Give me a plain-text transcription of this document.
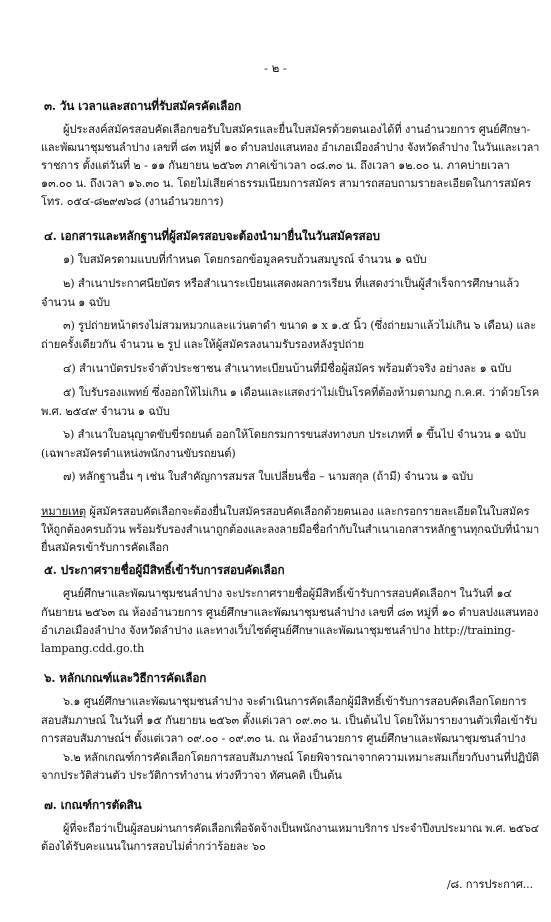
- ๒ -
๓. วัน เวลาและสถานที่รับสมัครคัดเลือก
ผู้ประสงค์สมัครสอบคัดเลือกขอรับใบสมัครและยื่นใบสมัครด้วยตนเองได้ที่ งานอำนวยการ ศูนย์ศึกษา-
และพัฒนาชุมชนลำปาง เลขที่ ๘๓ หมู่ที่ ๑๐ ตำบลปงแสนทอง อำเภอเมืองลำปาง จังหวัดลำปาง ในวันและเวลา
ราชการ ตั้งแต่วันที่ ๒ - ๑๑ กันยายน ๒๕๖๓ ภาคเข้าเวลา ๐๘.๓๐ น. ถึงเวลา ๑๒.๐๐ น. ภาคบ่ายเวลา
๑๓.๐๐ น. ถึงเวลา ๑๖.๓๐ น. โดยไม่เสียค่าธรรมเนียมการสมัคร สามารถสอบถามรายละเอียดในการสมัคร
โทร. ๐๕๔-๘๒๙๗๖๘ (งานอำนวยการ)
๔. เอกสารและหลักฐานที่ผู้สมัครสอบจะต้องนำมายื่นในวันสมัครสอบ
๑) ใบสมัครตามแบบที่กำหนด โดยกรอกข้อมูลครบถ้วนสมบูรณ์ จำนวน ๑ ฉบับ
๒) สำเนาประกาศนียบัตร หรือสำเนาระเบียนแสดงผลการเรียน ที่แสดงว่าเป็นผู้สำเร็จการศึกษาแล้ว
จำนวน ๑ ฉบับ
๓) รูปถ่ายหน้าตรงไม่สวมหมวกและแว่นตาดำ ขนาด ๑ x ๑.๕ นิ้ว (ซึ่งถ่ายมาแล้วไม่เกิน ๖ เดือน) และ
ถ่ายครั้งเดียวกัน จำนวน ๒ รูป และให้ผู้สมัครลงนามรับรองหลังรูปถ่าย
๔) สำเนาบัตรประจำตัวประชาชน สำเนาทะเบียนบ้านที่มีชื่อผู้สมัคร พร้อมตัวจริง อย่างละ ๑ ฉบับ
๕) ใบรับรองแพทย์ ซึ่งออกให้ไม่เกิน ๑ เดือนและแสดงว่าไม่เป็นโรคที่ต้องห้ามตามกฎ ก.ค.ศ. ว่าด้วยโรค
พ.ศ. ๒๕๔๙ จำนวน ๑ ฉบับ
๖) สำเนาใบอนุญาตขับขี่รถยนต์ ออกให้โดยกรมการขนส่งทางบก ประเภทที่ ๑ ขึ้นไป จำนวน ๑ ฉบับ
(เฉพาะสมัครตำแหน่งพนักงานขับรถยนต์)
๗) หลักฐานอื่น ๆ เช่น ใบสำคัญการสมรส ใบเปลี่ยนชื่อ – นามสกุล (ถ้ามี) จำนวน ๑ ฉบับ
หมายเหตุ ผู้สมัครสอบคัดเลือกจะต้องยื่นใบสมัครสอบคัดเลือกด้วยตนเอง และกรอกรายละเอียดในใบสมัคร
ให้ถูกต้องครบถ้วน พร้อมรับรองสำเนาถูกต้องและลงลายมือชื่อกำกับในสำเนาเอกสารหลักฐานทุกฉบับที่นำมา
ยื่นสมัครเข้ารับการคัดเลือก
๕. ประกาศรายชื่อผู้มีสิทธิ์เข้ารับการสอบคัดเลือก
ศูนย์ศึกษาและพัฒนาชุมชนลำปาง จะประกาศรายชื่อผู้มีสิทธิ์เข้ารับการสอบคัดเลือกฯ ในวันที่ ๑๔
กันยายน ๒๕๖๓ ณ ห้องอำนวยการ ศูนย์ศึกษาและพัฒนาชุมชนลำปาง เลขที่ ๘๓ หมู่ที่ ๑๐ ตำบลปงแสนทอง
อำเภอเมืองลำปาง จังหวัดลำปาง และทางเว็บไซต์ศูนย์ศึกษาและพัฒนาชุมชนลำปาง http://training-
lampang.cdd.go.th
๖. หลักเกณฑ์และวิธีการคัดเลือก
๖.๑ ศูนย์ศึกษาและพัฒนาชุมชนลำปาง จะดำเนินการคัดเลือกผู้มีสิทธิ์เข้ารับการสอบคัดเลือกโดยการ
สอบสัมภาษณ์ ในวันที่ ๑๕ กันยายน ๒๕๖๓ ตั้งแต่เวลา ๐๙.๓๐ น. เป็นต้นไป โดยให้มารายงานตัวเพื่อเข้ารับ
การสอบสัมภาษณ์ฯ ตั้งแต่เวลา ๐๙.๐๐ - ๐๙.๓๐ น. ณ ห้องอำนวยการ ศูนย์ศึกษาและพัฒนาชุมชนลำปาง
๖.๒ หลักเกณฑ์การคัดเลือกโดยการสอบสัมภาษณ์ โดยพิจารณาจากความเหมาะสมเกี่ยวกับงานที่ปฏิบัติ
จากประวัติส่วนตัว ประวัติการทำงาน ท่วงทีวาจา ทัศนคติ เป็นต้น
๗. เกณฑ์การตัดสิน
ผู้ที่จะถือว่าเป็นผู้สอบผ่านการคัดเลือกเพื่อจัดจ้างเป็นพนักงานเหมาบริการ ประจำปีงบประมาณ พ.ศ. ๒๕๖๔
ต้องได้รับคะแนนในการสอบไม่ต่ำกว่าร้อยละ ๖๐
/๘. การประกาศ...
